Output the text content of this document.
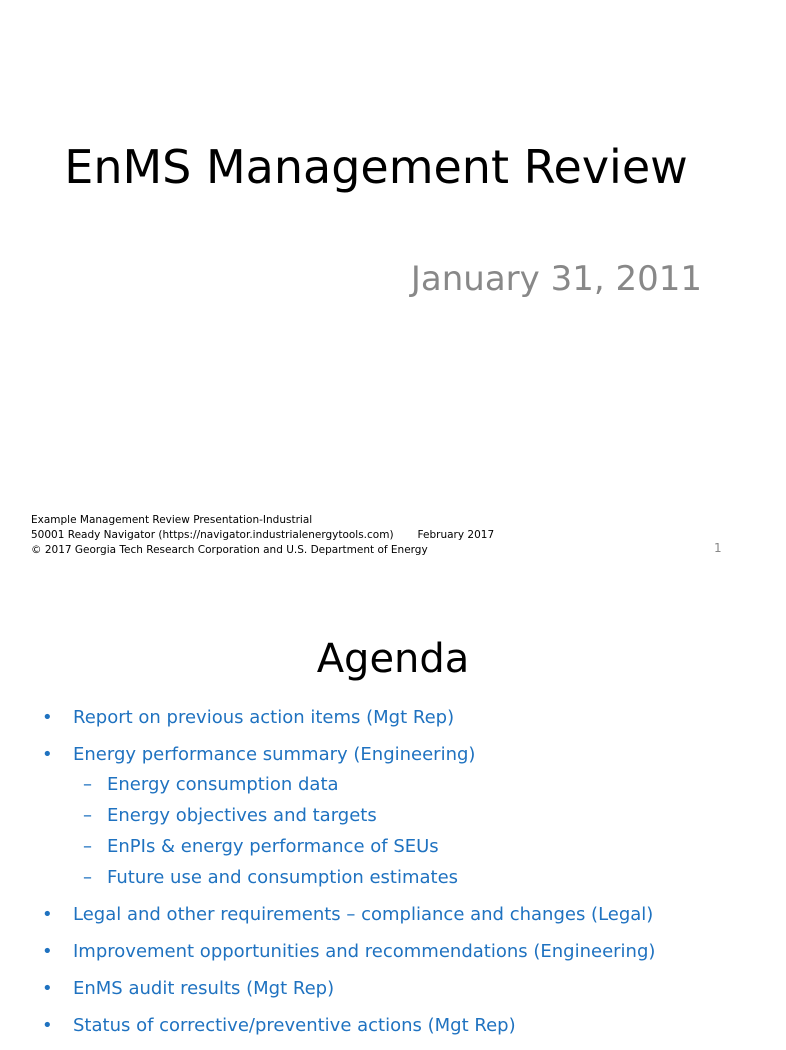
EnMS Management Review
January 31, 2011
Example Management Review Presentation-Industrial
50001 Ready Navigator (https://navigator.industrialenergytools.com) February 2017
© 2017 Georgia Tech Research Corporation and U.S. Department of Energy	1
Agenda
• Report on previous action items (Mgt Rep)
• Energy performance summary (Engineering)
– Energy consumption data
– Energy objectives and targets
– EnPIs & energy performance of SEUs
– Future use and consumption estimates
• Legal and other requirements – compliance and changes (Legal)
• Improvement opportunities and recommendations (Engineering)
• EnMS audit results (Mgt Rep)
• Status of corrective/preventive actions (Mgt Rep)
